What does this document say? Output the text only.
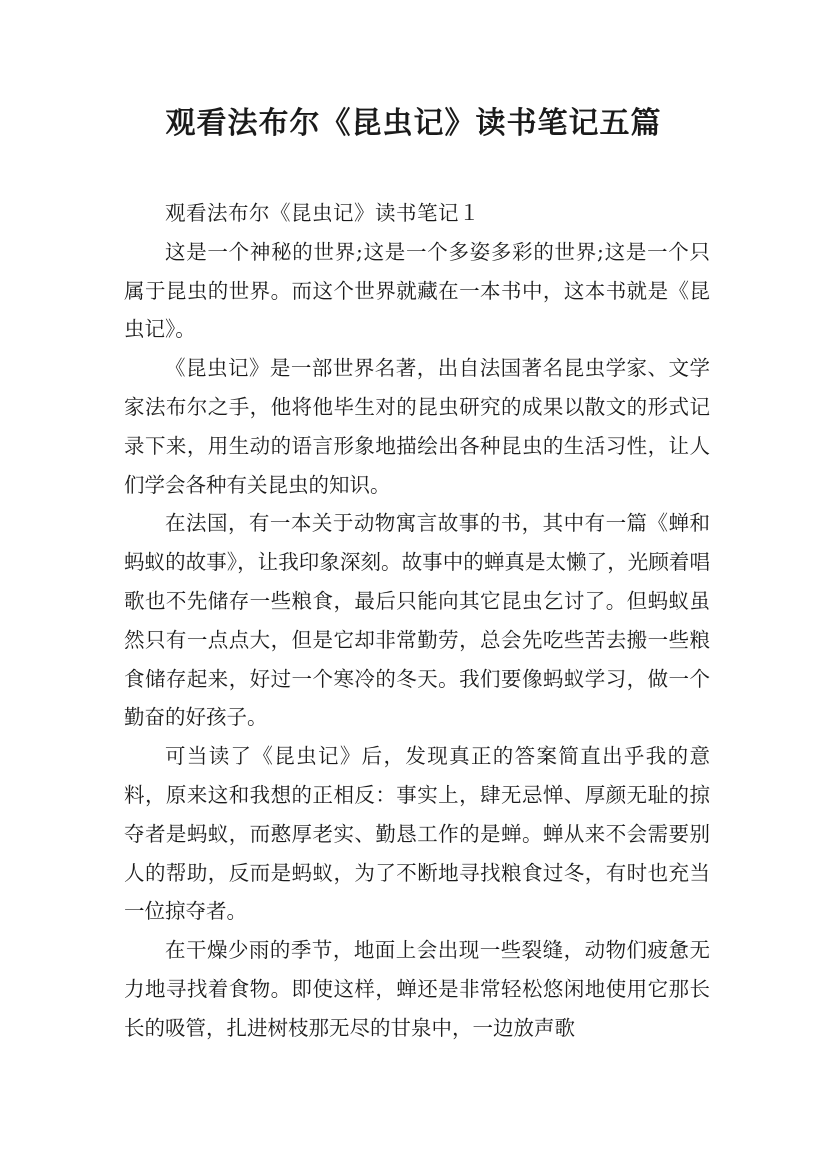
观看法布尔《昆虫记》读书笔记五篇

观看法布尔《昆虫记》读书笔记１

这是一个神秘的世界;这是一个多姿多彩的世界;这是一个只属于昆虫的世界。而这个世界就藏在一本书中，这本书就是《昆虫记》。

《昆虫记》是一部世界名著，出自法国著名昆虫学家、文学家法布尔之手，他将他毕生对的昆虫研究的成果以散文的形式记录下来，用生动的语言形象地描绘出各种昆虫的生活习性，让人们学会各种有关昆虫的知识。

在法国，有一本关于动物寓言故事的书，其中有一篇《蝉和蚂蚁的故事》，让我印象深刻。故事中的蝉真是太懒了，光顾着唱歌也不先储存一些粮食，最后只能向其它昆虫乞讨了。但蚂蚁虽然只有一点点大，但是它却非常勤劳，总会先吃些苦去搬一些粮食储存起来，好过一个寒冷的冬天。我们要像蚂蚁学习，做一个勤奋的好孩子。

可当读了《昆虫记》后，发现真正的答案简直出乎我的意料，原来这和我想的正相反：事实上，肆无忌惮、厚颜无耻的掠夺者是蚂蚁，而憨厚老实、勤恳工作的是蝉。蝉从来不会需要别人的帮助，反而是蚂蚁，为了不断地寻找粮食过冬，有时也充当一位掠夺者。

在干燥少雨的季节，地面上会出现一些裂缝，动物们疲惫无力地寻找着食物。即使这样，蝉还是非常轻松悠闲地使用它那长长的吸管，扎进树枝那无尽的甘泉中，一边放声歌
